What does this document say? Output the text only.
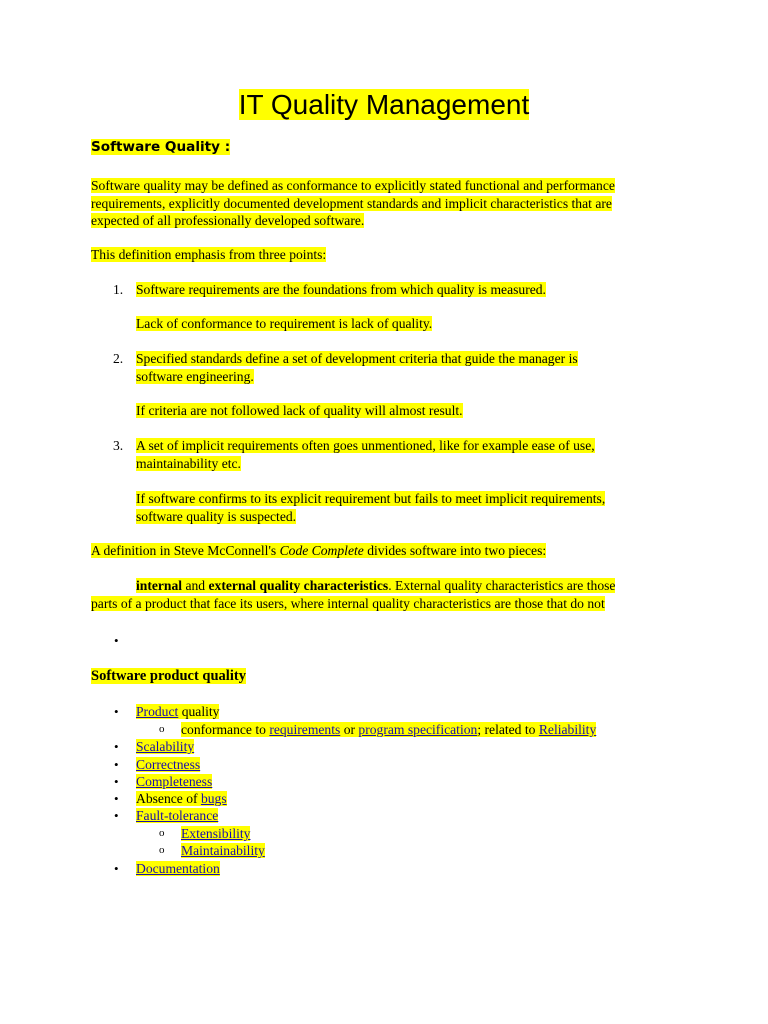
IT Quality Management
Software Quality :
Software quality may be defined as conformance to explicitly stated functional and performance
requirements, explicitly documented development standards and implicit characteristics that are
expected of all professionally developed software.
This definition emphasis from three points:
1. Software requirements are the foundations from which quality is measured.
Lack of conformance to requirement is lack of quality.
2. Specified standards define a set of development criteria that guide the manager is
software engineering.
If criteria are not followed lack of quality will almost result.
3. A set of implicit requirements often goes unmentioned, like for example ease of use,
maintainability etc.
If software confirms to its explicit requirement but fails to meet implicit requirements,
software quality is suspected.
A definition in Steve McConnell's Code Complete divides software into two pieces:
internal and external quality characteristics. External quality characteristics are those
parts of a product that face its users, where internal quality characteristics are those that do not
•
Software product quality
• Product quality
o conformance to requirements or program specification; related to Reliability
• Scalability
• Correctness
• Completeness
• Absence of bugs
• Fault-tolerance
o Extensibility
o Maintainability
• Documentation
